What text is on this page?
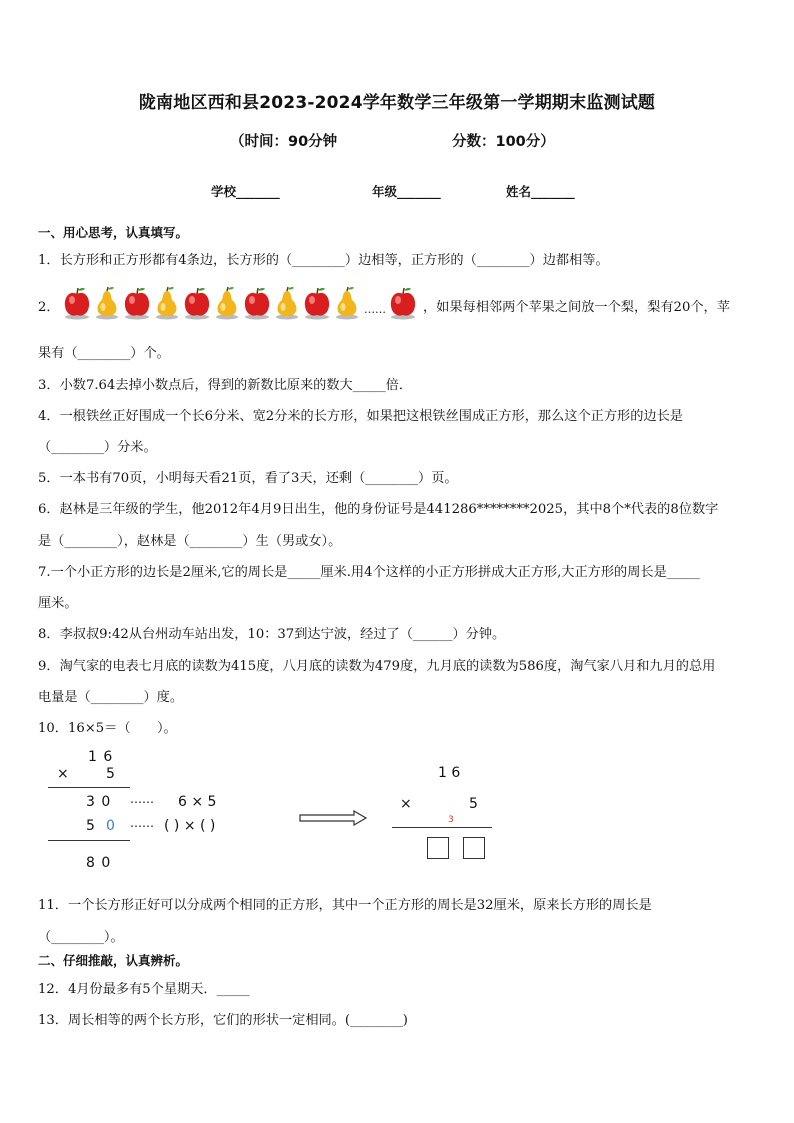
陇南地区西和县2023-2024学年数学三年级第一学期期末监测试题
（时间：90分钟	分数：100分）
学校_______	年级_______	姓名_______
一、用心思考，认真填写。
1．长方形和正方形都有4条边，长方形的（________）边相等，正方形的（________）边都相等。
2．	……	，如果每相邻两个苹果之间放一个梨，梨有20个，苹
果有（________）个。
3．小数7.64去掉小数点后，得到的新数比原来的数大_____倍．
4．一根铁丝正好围成一个长6分米、宽2分米的长方形，如果把这根铁丝围成正方形，那么这个正方形的边长是
（________）分米。
5．一本书有70页，小明每天看21页，看了3天，还剩（________）页。
6．赵林是三年级的学生，他2012年4月9日出生，他的身份证号是441286********2025，其中8个*代表的8位数字
是（________），赵林是（________）生（男或女）。
7.一个小正方形的边长是2厘米,它的周长是_____厘米.用4个这样的小正方形拼成大正方形,大正方形的周长是_____
厘米。
8．李叔叔9:42从台州动车站出发，10：37到达宁波，经过了（______）分钟。
9．淘气家的电表七月底的读数为415度，八月底的读数为479度，九月底的读数为586度，淘气家八月和九月的总用
电量是（________）度。
10．16×5＝（　　）。
1 6
×	5
3 0 …… 6 × 5
5 0 …… ( ) × ( )
8 0
1 6
×	5
3
11．一个长方形正好可以分成两个相同的正方形，其中一个正方形的周长是32厘米，原来长方形的周长是
（________）。
二、仔细推敲，认真辨析。
12．4月份最多有5个星期天．_____
13．周长相等的两个长方形，它们的形状一定相同。(________)
